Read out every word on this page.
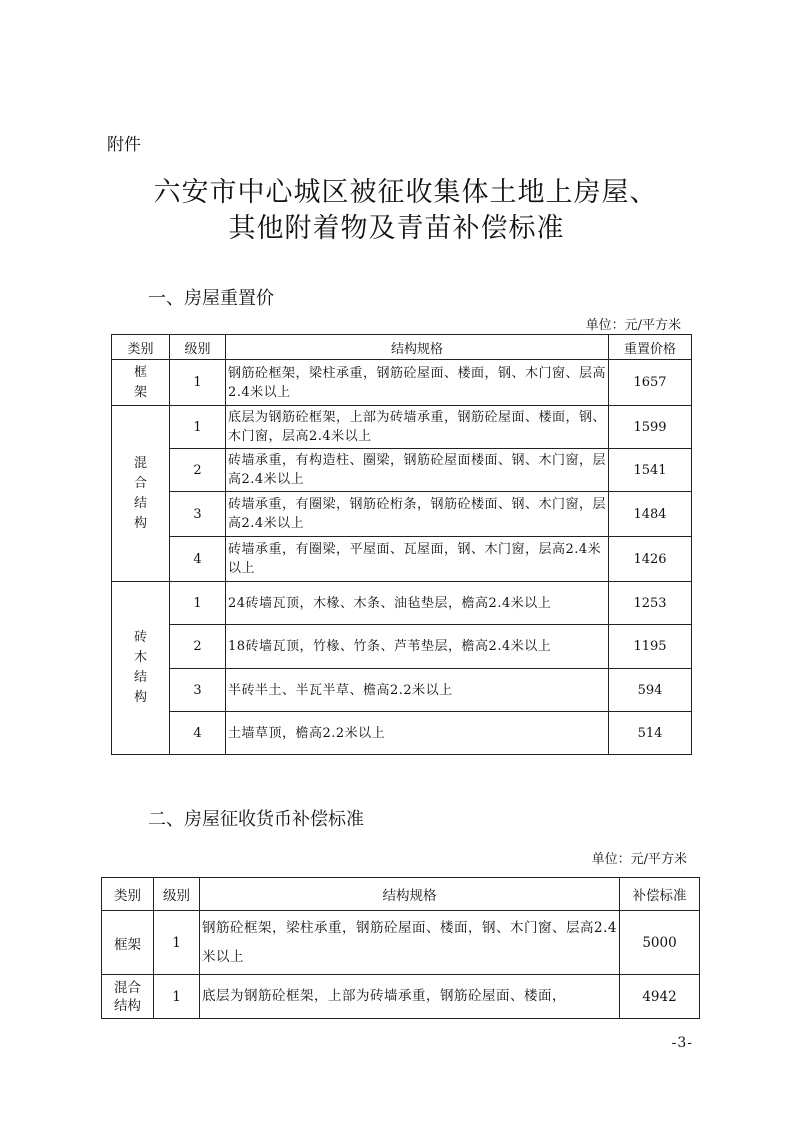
附件
六安市中心城区被征收集体土地上房屋、
其他附着物及青苗补偿标准
一、房屋重置价
单位：元/平方米
类别	级别	结构规格	重置价格

框
架	1	钢筋砼框架，梁柱承重，钢筋砼屋面、楼面，钢、木门窗、层高2.4米以上	1657

混
合
结
构	1	底层为钢筋砼框架，上部为砖墙承重，钢筋砼屋面、楼面，钢、木门窗，层高2.4米以上	1599
	2	砖墙承重，有构造柱、圈梁，钢筋砼屋面楼面、钢、木门窗，层高2.4米以上	1541
	3	砖墙承重，有圈梁，钢筋砼桁条，钢筋砼楼面、钢、木门窗，层高2.4米以上	1484
	4	砖墙承重，有圈梁，平屋面、瓦屋面，钢、木门窗，层高2.4米以上	1426

砖
木
结
构	1	24砖墙瓦顶，木椽、木条、油毡垫层，檐高2.4米以上	1253
	2	18砖墙瓦顶，竹椽、竹条、芦苇垫层，檐高2.4米以上	1195
	3	半砖半土、半瓦半草、檐高2.2米以上	594
	4	土墙草顶，檐高2.2米以上	514
二、房屋征收货币补偿标准
单位：元/平方米
类别	级别	结构规格	补偿标准
框架	1	钢筋砼框架，梁柱承重，钢筋砼屋面、楼面，钢、木门窗、层高2.4米以上	5000

混合
结构	1	底层为钢筋砼框架，上部为砖墙承重，钢筋砼屋面、楼面，	4942
-3-
